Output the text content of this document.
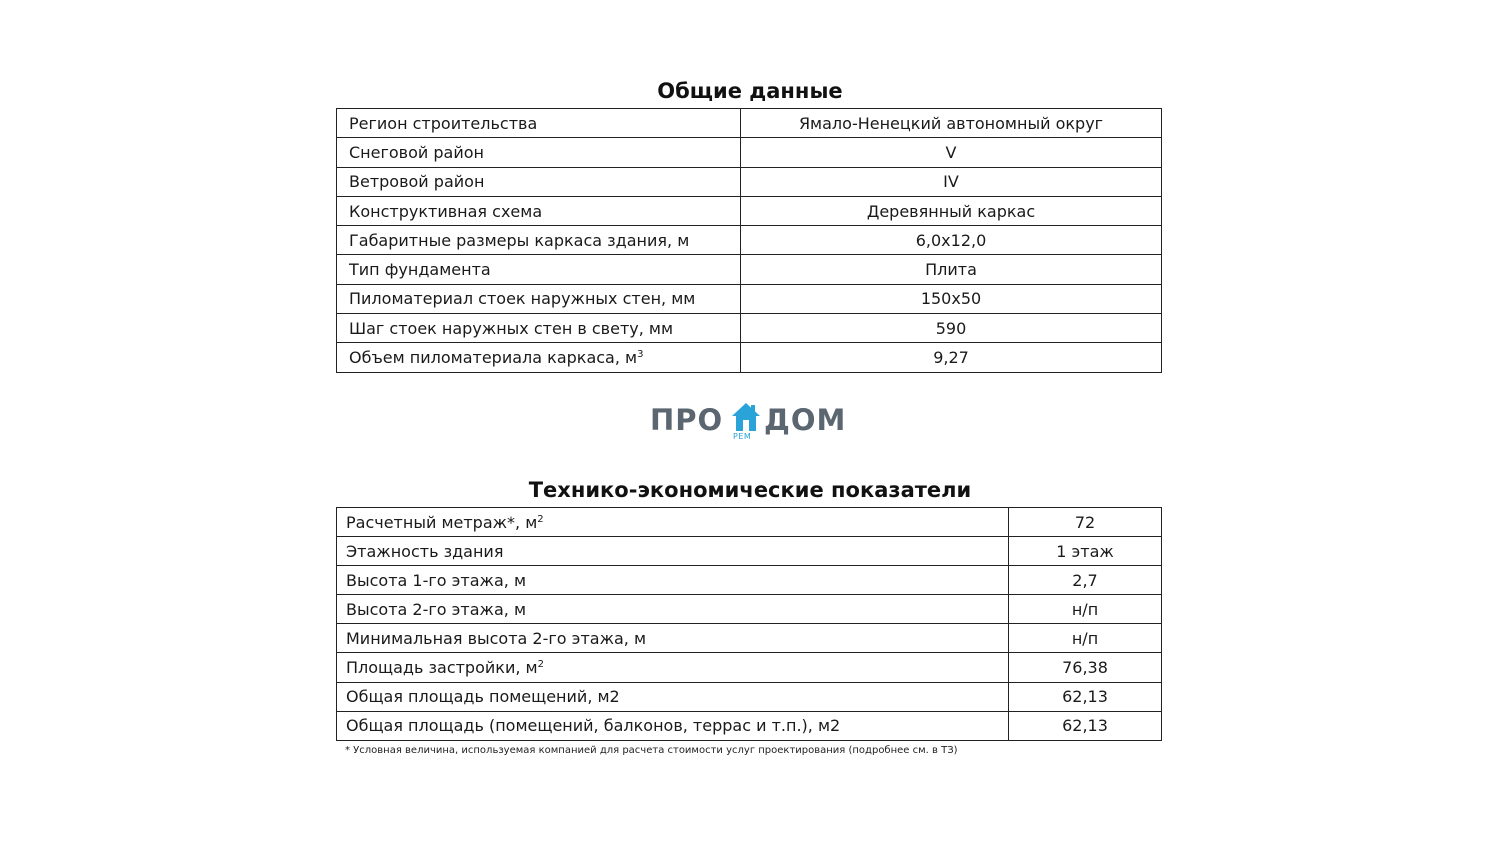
Общие данные
Регион строительства	Ямало-Ненецкий автономный округ
Снеговой район	V
Ветровой район	IV
Конструктивная схема	Деревянный каркас
Габаритные размеры каркаса здания, м	6,0х12,0
Тип фундамента	Плита
Пиломатериал стоек наружных стен, мм	150х50
Шаг стоек наружных стен в свету, мм	590
Объем пиломатериала каркаса, $м^3$	9,27
ПРО РЕМ ДОМ
Технико-экономические показатели
Расчетный метраж*, $м^2$	72
Этажность здания	1 этаж
Высота 1-го этажа, м	2,7
Высота 2-го этажа, м	н/п
Минимальная высота 2-го этажа, м	н/п
Площадь застройки, $м^2$	76,38
Общая площадь помещений, м2	62,13
Общая площадь (помещений, балконов, террас и т.п.), м2	62,13
* Условная величина, используемая компанией для расчета стоимости услуг проектирования (подробнее см. в ТЗ)
